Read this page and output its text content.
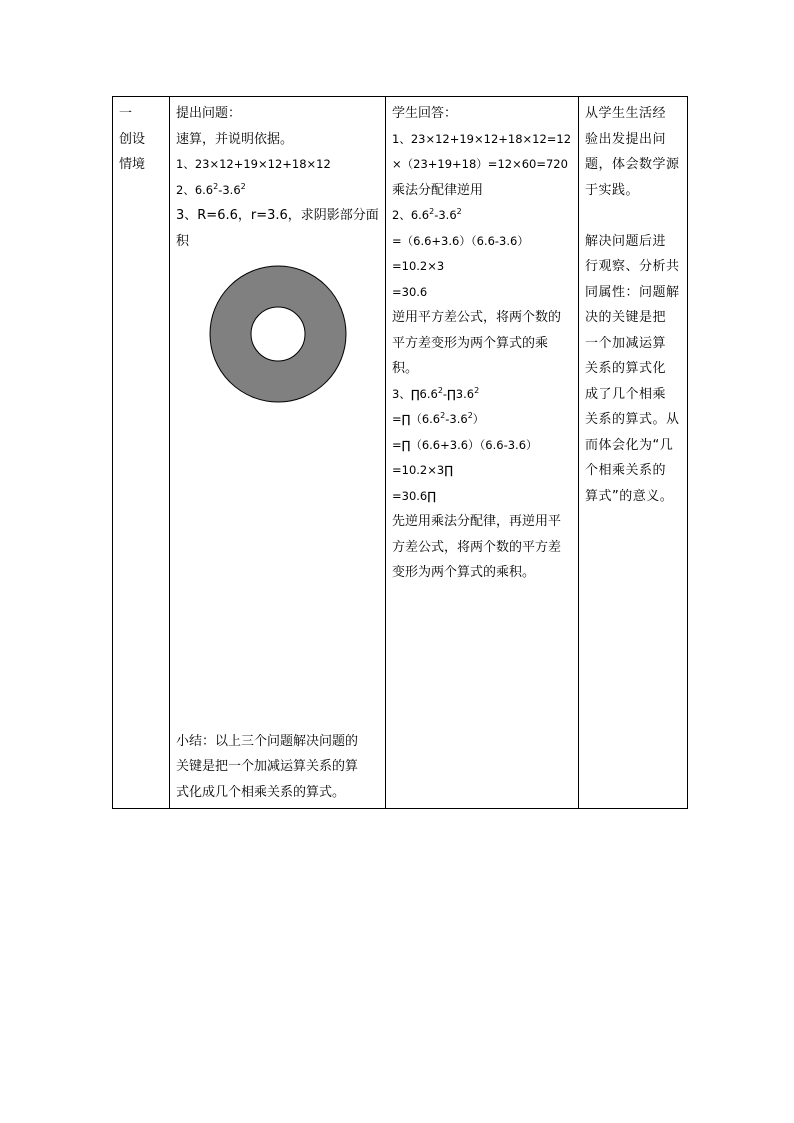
一
创设
情境

提出问题：
速算，并说明依据。
1、23×12+19×12+18×12
2、$6.6^2-3.6^2$
3、R=6.6，r=3.6，求阴影部分面
积
小结：以上三个问题解决问题的
关键是把一个加减运算关系的算
式化成几个相乘关系的算式。

学生回答：
1、23×12+19×12+18×12=12
×（23+19+18）=12×60=720
乘法分配律逆用
2、$6.6^2-3.6^2$
=（6.6+3.6）（6.6-3.6）
=10.2×3
=30.6
逆用平方差公式，将两个数的
平方差变形为两个算式的乘
积。
3、$\prod 6.6^2-\prod 3.6^2$
$=\prod(6.6^2-3.6^2)$
=∏（6.6+3.6）（6.6-3.6）
=10.2×3∏
=30.6∏
先逆用乘法分配律，再逆用平
方差公式，将两个数的平方差
变形为两个算式的乘积。

从学生生活经
验出发提出问
题，体会数学源
于实践。

解决问题后进
行观察、分析共
同属性：问题解
决的关键是把
一个加减运算
关系的算式化
成了几个相乘
关系的算式。从
而体会化为“几
个相乘关系的
算式”的意义。
